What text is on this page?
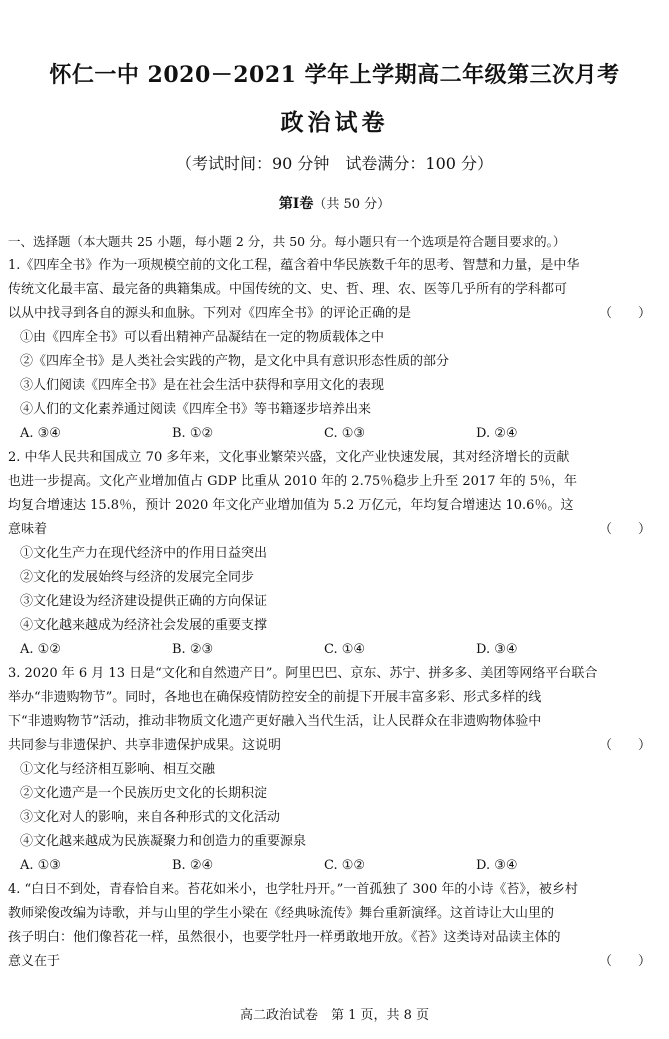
怀仁一中 2020－2021 学年上学期高二年级第三次月考
政治试卷
（考试时间：90 分钟　试卷满分：100 分）
第Ⅰ卷（共 50 分）
一、选择题（本大题共 25 小题，每小题 2 分，共 50 分。每小题只有一个选项是符合题目要求的。）
1.《四库全书》作为一项规模空前的文化工程，蕴含着中华民族数千年的思考、智慧和力量，是中华
传统文化最丰富、最完备的典籍集成。中国传统的文、史、哲、理、农、医等几乎所有的学科都可
以从中找寻到各自的源头和血脉。下列对《四库全书》的评论正确的是	（　　）
①由《四库全书》可以看出精神产品凝结在一定的物质载体之中
②《四库全书》是人类社会实践的产物，是文化中具有意识形态性质的部分
③人们阅读《四库全书》是在社会生活中获得和享用文化的表现
④人们的文化素养通过阅读《四库全书》等书籍逐步培养出来
A. ③④	B. ①②	C. ①③	D. ②④
2. 中华人民共和国成立 70 多年来，文化事业繁荣兴盛，文化产业快速发展，其对经济增长的贡献
也进一步提高。文化产业增加值占 GDP 比重从 2010 年的 2.75％稳步上升至 2017 年的 5％，年
均复合增速达 15.8％，预计 2020 年文化产业增加值为 5.2 万亿元，年均复合增速达 10.6％。这
意味着	（　　）
①文化生产力在现代经济中的作用日益突出
②文化的发展始终与经济的发展完全同步
③文化建设为经济建设提供正确的方向保证
④文化越来越成为经济社会发展的重要支撑
A. ①②	B. ②③	C. ①④	D. ③④
3. 2020 年 6 月 13 日是“文化和自然遗产日”。阿里巴巴、京东、苏宁、拼多多、美团等网络平台联合
举办“非遗购物节”。同时，各地也在确保疫情防控安全的前提下开展丰富多彩、形式多样的线
下“非遗购物节”活动，推动非物质文化遗产更好融入当代生活，让人民群众在非遗购物体验中
共同参与非遗保护、共享非遗保护成果。这说明	（　　）
①文化与经济相互影响、相互交融
②文化遗产是一个民族历史文化的长期积淀
③文化对人的影响，来自各种形式的文化活动
④文化越来越成为民族凝聚力和创造力的重要源泉
A. ①③	B. ②④	C. ①②	D. ③④
4. “白日不到处，青春恰自来。苔花如米小，也学牡丹开。”一首孤独了 300 年的小诗《苔》，被乡村
教师梁俊改编为诗歌，并与山里的学生小梁在《经典咏流传》舞台重新演绎。这首诗让大山里的
孩子明白：他们像苔花一样，虽然很小，也要学牡丹一样勇敢地开放。《苔》这类诗对品读主体的
意义在于	（　　）
高二政治试卷　第 1 页，共 8 页
